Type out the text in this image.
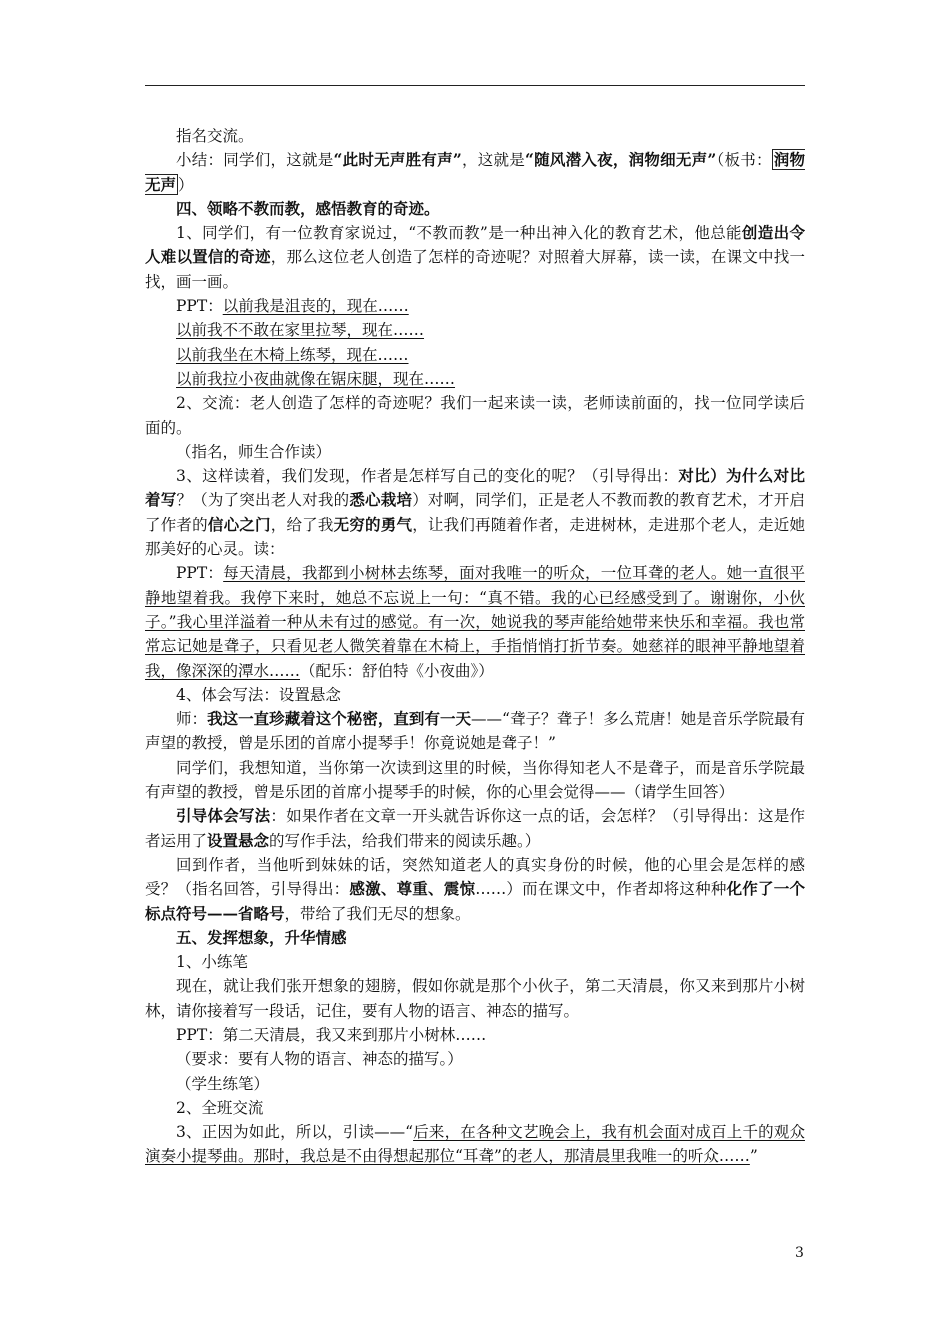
指名交流。

小结：同学们，这就是“此时无声胜有声”，这就是“随风潜入夜，润物细无声”（板书： 润物无声 ）

四、领略不教而教，感悟教育的奇迹。

1、同学们，有一位教育家说过，“不教而教”是一种出神入化的教育艺术，他总能创造出令人难以置信的奇迹，那么这位老人创造了怎样的奇迹呢？对照着大屏幕，读一读，在课文中找一找，画一画。

PPT：以前我是沮丧的，现在……

以前我不不敢在家里拉琴，现在……

以前我坐在木椅上练琴，现在……

以前我拉小夜曲就像在锯床腿，现在……

2、交流：老人创造了怎样的奇迹呢？我们一起来读一读，老师读前面的，找一位同学读后面的。

（指名，师生合作读）

3、这样读着，我们发现，作者是怎样写自己的变化的呢？（引导得出：对比）为什么对比着写？（为了突出老人对我的悉心栽培）对啊，同学们，正是老人不教而教的教育艺术，才开启了作者的信心之门，给了我无穷的勇气，让我们再随着作者，走进树林，走进那个老人，走近她那美好的心灵。读：

PPT：每天清晨，我都到小树林去练琴，面对我唯一的听众，一位耳聋的老人。她一直很平静地望着我。我停下来时，她总不忘说上一句：“真不错。我的心已经感受到了。谢谢你，小伙子。”我心里洋溢着一种从未有过的感觉。有一次，她说我的琴声能给她带来快乐和幸福。我也常常忘记她是聋子，只看见老人微笑着靠在木椅上，手指悄悄打折节奏。她慈祥的眼神平静地望着我，像深深的潭水……（配乐：舒伯特《小夜曲》）

4、体会写法：设置悬念

师：我这一直珍藏着这个秘密，直到有一天——“聋子？聋子！多么荒唐！她是音乐学院最有声望的教授，曾是乐团的首席小提琴手！你竟说她是聋子！”

同学们，我想知道，当你第一次读到这里的时候，当你得知老人不是聋子，而是音乐学院最有声望的教授，曾是乐团的首席小提琴手的时候，你的心里会觉得——（请学生回答）

引导体会写法：如果作者在文章一开头就告诉你这一点的话，会怎样？（引导得出：这是作者运用了设置悬念的写作手法，给我们带来的阅读乐趣。）

回到作者，当他听到妹妹的话，突然知道老人的真实身份的时候，他的心里会是怎样的感受？（指名回答，引导得出：感激、尊重、震惊……）而在课文中，作者却将这种种化作了一个标点符号——省略号，带给了我们无尽的想象。

五、发挥想象，升华情感

1、小练笔

现在，就让我们张开想象的翅膀，假如你就是那个小伙子，第二天清晨，你又来到那片小树林，请你接着写一段话，记住，要有人物的语言、神态的描写。

PPT：第二天清晨，我又来到那片小树林……

（要求：要有人物的语言、神态的描写。）

（学生练笔）

2、全班交流

3、正因为如此，所以，引读——“后来，在各种文艺晚会上，我有机会面对成百上千的观众演奏小提琴曲。那时，我总是不由得想起那位“耳聋”的老人，那清晨里我唯一的听众……”

3
